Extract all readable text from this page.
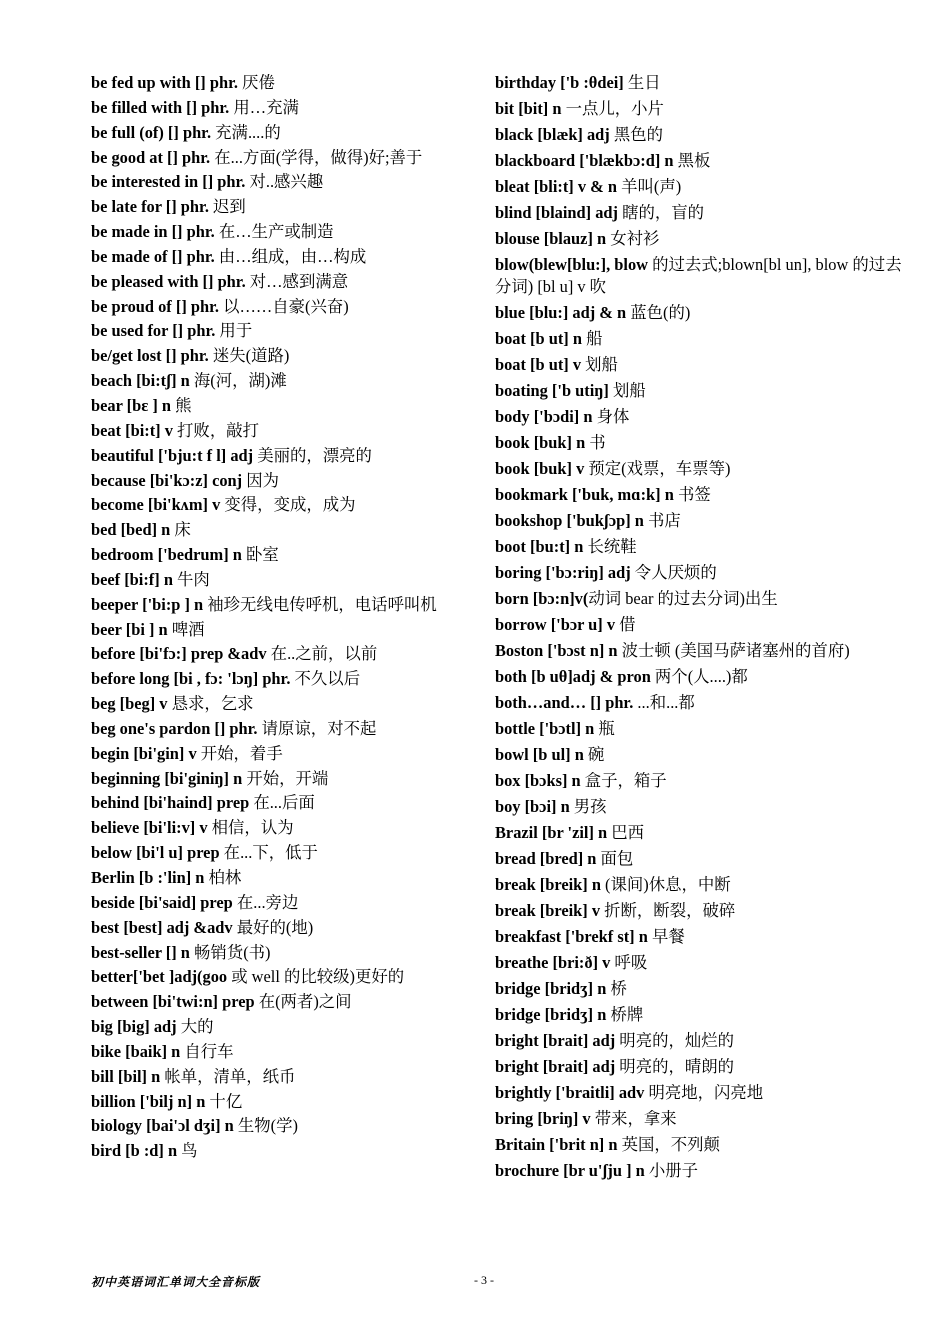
be fed up with [] phr. 厌倦
be filled with [] phr. 用…充满
be full (of) [] phr. 充满....的
be good at [] phr. 在...方面(学得，做得)好;善于
be interested in [] phr. 对..感兴趣
be late for [] phr. 迟到
be made in [] phr. 在…生产或制造
be made of [] phr. 由…组成，由…构成
be pleased with [] phr. 对…感到满意
be proud of [] phr. 以……自豪(兴奋)
be used for [] phr. 用于
be/get lost [] phr. 迷失(道路)
beach [bi:tʃ] n 海(河，湖)滩
bear [bɛ ] n 熊
beat [bi:t] v 打败，敲打
beautiful ['bju:t f l] adj 美丽的，漂亮的
because [bi'kɔ:z] conj 因为
become [bi'kʌm] v 变得，变成，成为
bed [bed] n 床
bedroom ['bedrum] n 卧室
beef [bi:f] n 牛肉
beeper ['bi:p ] n 袖珍无线电传呼机，电话呼叫机
beer [bi ] n 啤酒
before [bi'fɔ:] prep &adv 在..之前，以前
before long [bi , fɔ: 'lɔŋ] phr. 不久以后
beg [beg] v 恳求，乞求
beg one's pardon [] phr. 请原谅，对不起
begin [bi'gin] v 开始，着手
beginning [bi'giniŋ] n 开始，开端
behind [bi'haind] prep 在...后面
believe [bi'li:v] v 相信，认为
below [bi'l u] prep 在...下，低于
Berlin [b :'lin] n 柏林
beside [bi'said] prep 在...旁边
best [best] adj &adv 最好的(地)
best-seller [] n 畅销货(书)
better['bet ]adj(goo 或 well 的比较级)更好的
between [bi'twi:n] prep 在(两者)之间
big [big] adj 大的
bike [baik] n 自行车
bill [bil] n 帐单，清单，纸币
billion ['bilj n] n 十亿
biology [bai'ɔl dʒi] n 生物(学)
bird [b :d] n 鸟
birthday ['b :θdei] 生日
bit [bit] n 一点儿，小片
black [blæk] adj 黑色的
blackboard ['blækbɔ:d] n 黑板
bleat [bli:t] v & n 羊叫(声)
blind [blaind] adj 瞎的，盲的
blouse [blauz] n 女衬衫
blow(blew[blu:], blow 的过去式;blown[bl un], blow 的过去分词) [bl u] v 吹
blue [blu:] adj & n 蓝色(的)
boat [b ut] n 船
boat [b ut] v 划船
boating ['b utiŋ] 划船
body ['bɔdi] n 身体
book [buk] n 书
book [buk] v 预定(戏票，车票等)
bookmark ['buk, mɑ:k] n 书签
bookshop ['bukʃɔp] n 书店
boot [bu:t] n 长统鞋
boring ['bɔ:riŋ] adj 令人厌烦的
born [bɔ:n]v(动词 bear 的过去分词)出生
borrow ['bɔr u] v 借
Boston ['bɔst n] n 波士顿 (美国马萨诸塞州的首府)
both [b uθ]adj & pron 两个(人....)都
both…and… [] phr. ...和...都
bottle ['bɔtl] n 瓶
bowl [b ul] n 碗
box [bɔks] n 盒子，箱子
boy [bɔi] n 男孩
Brazil [br 'zil] n 巴西
bread [bred] n 面包
break [breik] n (课间)休息，中断
break [breik] v 折断，断裂，破碎
breakfast ['brekf st] n 早餐
breathe [bri:ð] v 呼吸
bridge [bridʒ] n 桥
bridge [bridʒ] n 桥牌
bright [brait] adj 明亮的，灿烂的
bright [brait] adj 明亮的，晴朗的
brightly ['braitli] adv 明亮地，闪亮地
bring [briŋ] v 带来，拿来
Britain ['brit n] n 英国，不列颠
brochure [br u'ʃju ] n 小册子
初中英语词汇单词大全音标版	- 3 -
